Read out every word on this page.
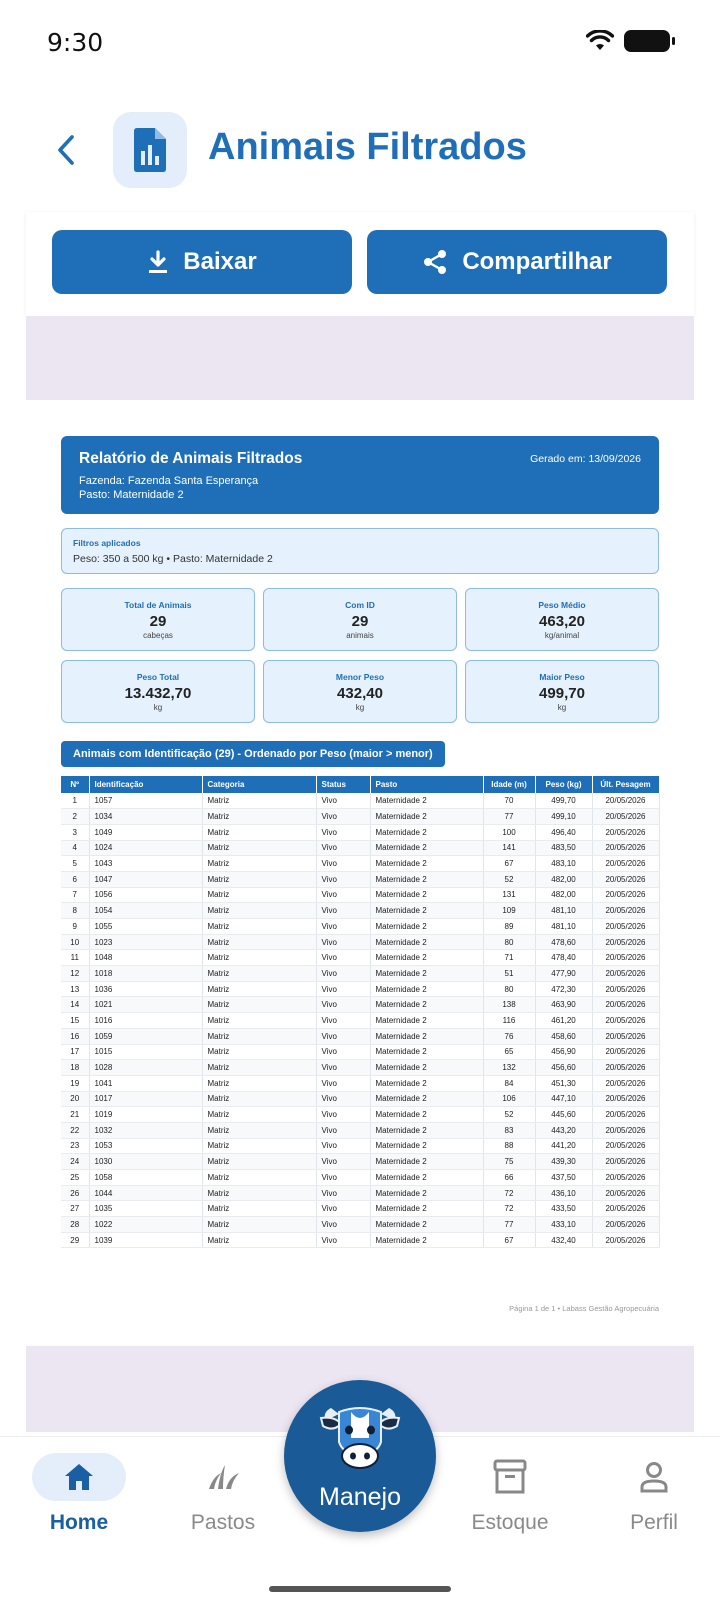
9:30
Animais Filtrados
Baixar	Compartilhar
Relatório de Animais Filtrados	Gerado em: 13/09/2026
Fazenda: Fazenda Santa Esperança
Pasto: Maternidade 2
Filtros aplicados
Peso: 350 a 500 kg • Pasto: Maternidade 2
Total de Animais
29
cabeças
Com ID
29
animais
Peso Médio
463,20
kg/animal
Peso Total
13.432,70
kg
Menor Peso
432,40
kg
Maior Peso
499,70
kg
Animais com Identificação (29) - Ordenado por Peso (maior > menor)
Nº	Identificação	Categoria	Status	Pasto	Idade (m)	Peso (kg)	Últ. Pesagem
1	1057	Matriz	Vivo	Maternidade 2	70	499,70	20/05/2026
2	1034	Matriz	Vivo	Maternidade 2	77	499,10	20/05/2026
3	1049	Matriz	Vivo	Maternidade 2	100	496,40	20/05/2026
4	1024	Matriz	Vivo	Maternidade 2	141	483,50	20/05/2026
5	1043	Matriz	Vivo	Maternidade 2	67	483,10	20/05/2026
6	1047	Matriz	Vivo	Maternidade 2	52	482,00	20/05/2026
7	1056	Matriz	Vivo	Maternidade 2	131	482,00	20/05/2026
8	1054	Matriz	Vivo	Maternidade 2	109	481,10	20/05/2026
9	1055	Matriz	Vivo	Maternidade 2	89	481,10	20/05/2026
10	1023	Matriz	Vivo	Maternidade 2	80	478,60	20/05/2026
11	1048	Matriz	Vivo	Maternidade 2	71	478,40	20/05/2026
12	1018	Matriz	Vivo	Maternidade 2	51	477,90	20/05/2026
13	1036	Matriz	Vivo	Maternidade 2	80	472,30	20/05/2026
14	1021	Matriz	Vivo	Maternidade 2	138	463,90	20/05/2026
15	1016	Matriz	Vivo	Maternidade 2	116	461,20	20/05/2026
16	1059	Matriz	Vivo	Maternidade 2	76	458,60	20/05/2026
17	1015	Matriz	Vivo	Maternidade 2	65	456,90	20/05/2026
18	1028	Matriz	Vivo	Maternidade 2	132	456,60	20/05/2026
19	1041	Matriz	Vivo	Maternidade 2	84	451,30	20/05/2026
20	1017	Matriz	Vivo	Maternidade 2	106	447,10	20/05/2026
21	1019	Matriz	Vivo	Maternidade 2	52	445,60	20/05/2026
22	1032	Matriz	Vivo	Maternidade 2	83	443,20	20/05/2026
23	1053	Matriz	Vivo	Maternidade 2	88	441,20	20/05/2026
24	1030	Matriz	Vivo	Maternidade 2	75	439,30	20/05/2026
25	1058	Matriz	Vivo	Maternidade 2	66	437,50	20/05/2026
26	1044	Matriz	Vivo	Maternidade 2	72	436,10	20/05/2026
27	1035	Matriz	Vivo	Maternidade 2	72	433,50	20/05/2026
28	1022	Matriz	Vivo	Maternidade 2	77	433,10	20/05/2026
29	1039	Matriz	Vivo	Maternidade 2	67	432,40	20/05/2026
Página 1 de 1 • Labass Gestão Agropecuária
Home	Pastos	Estoque	Perfil
Manejo
